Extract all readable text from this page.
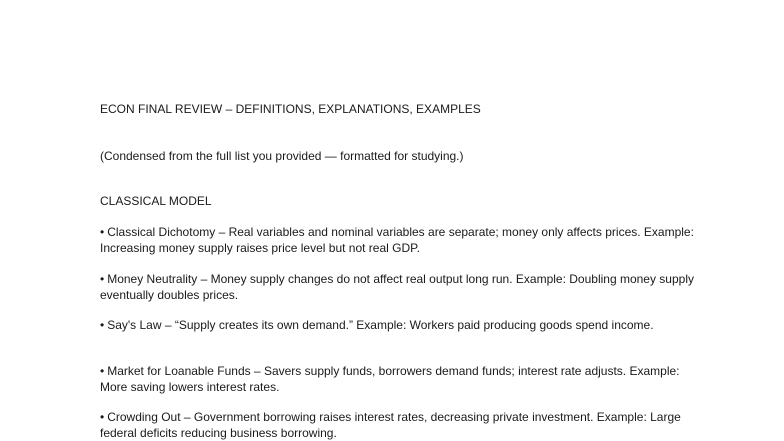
ECON FINAL REVIEW – DEFINITIONS, EXPLANATIONS, EXAMPLES
(Condensed from the full list you provided — formatted for studying.)
CLASSICAL MODEL

• Classical Dichotomy – Real variables and nominal variables are separate; money only affects prices. Example: Increasing money supply raises price level but not real GDP.

• Money Neutrality – Money supply changes do not affect real output long run. Example: Doubling money supply eventually doubles prices.

• Say's Law – “Supply creates its own demand.” Example: Workers paid producing goods spend income.

• Market for Loanable Funds – Savers supply funds, borrowers demand funds; interest rate adjusts. Example: More saving lowers interest rates.

• Crowding Out – Government borrowing raises interest rates, decreasing private investment. Example: Large federal deficits reducing business borrowing.
